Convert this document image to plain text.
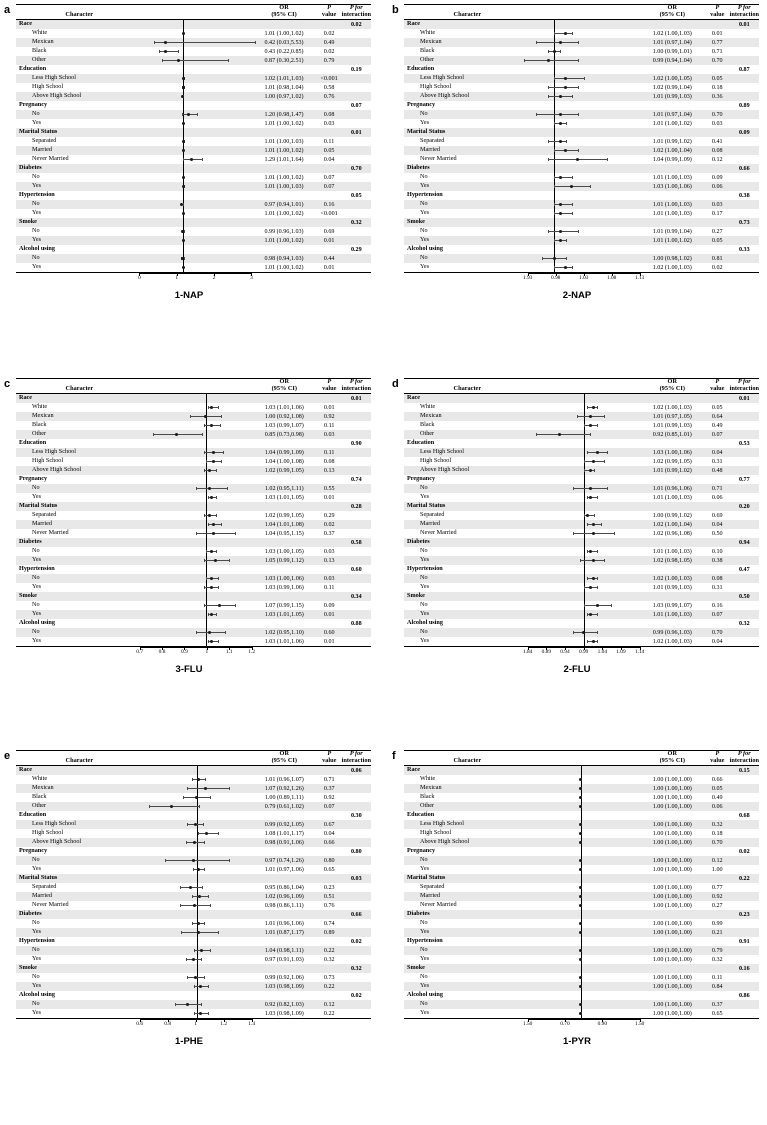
a	Character		OR
(95% CI)	P
value	P for
interaction
Race				0.02
White		1.01 (1.00,1.02)	0.02	
Mexican		0.42 (0.03,5.53)	0.49	
Black		0.43 (0.22,0.85)	0.02	
Other		0.87 (0.30,2.51)	0.79	
Education				0.19
Less High School		1.02 (1.01,1.03)	<0.001	
High School		1.01 (0.98,1.04)	0.58	
Above High School		1.00 (0.97,1.02)	0.76	
Pregnancy				0.07
No		1.20 (0.98,1.47)	0.08	
Yes		1.01 (1.00,1.02)	0.03	
Marital Status				0.01
Separated		1.01 (1.00,1.03)	0.11	
Married		1.01 (1.00,1.02)	0.05	
Never Married		1.29 (1.01,1.64)	0.04	
Diabetes				0.70
No		1.01 (1.00,1.02)	0.07	
Yes		1.01 (1.00,1.03)	0.07	
Hypertension				0.05
No		0.97 (0.94,1.01)	0.16	
Yes		1.01 (1.00,1.02)	<0.001	
Smoke				0.32
No		0.99 (0.96,1.03)	0.69	
Yes		1.01 (1.00,1.02)	0.01	
Alcohol using				0.29
No		0.98 (0.94,1.03)	0.44	
Yes		1.01 (1.00,1.02)	0.01	

	0 1 2 3			

1-NAP
b	Character		OR
(95% CI)	P
value	P for
interaction
Race				0.01
White		1.02 (1.00,1.03)	0.01	
Mexican		1.01 (0.97,1.04)	0.77	
Black		1.00 (0.99,1.01)	0.71	
Other		0.99 (0.94,1.04)	0.70	
Education				0.87
Less High School		1.02 (1.00,1.05)	0.05	
High School		1.02 (0.99,1.04)	0.18	
Above High School		1.01 (0.99,1.03)	0.36	
Pregnancy				0.89
No		1.01 (0.97,1.04)	0.70	
Yes		1.01 (1.00,1.02)	0.03	
Marital Status				0.09
Separated		1.01 (0.99,1.02)	0.41	
Married		1.02 (1.00,1.04)	0.08	
Never Married		1.04 (0.99,1.09)	0.12	
Diabetes				0.66
No		1.01 (1.00,1.03)	0.09	
Yes		1.03 (1.00,1.06)	0.06	
Hypertension				0.38
No		1.01 (1.00,1.03)	0.03	
Yes		1.01 (1.00,1.03)	0.17	
Smoke				0.73
No		1.01 (0.99,1.04)	0.27	
Yes		1.01 (1.00,1.02)	0.05	
Alcohol using				0.33
No		1.00 (0.98,1.02)	0.81	
Yes		1.02 (1.00,1.03)	0.02	

	1.93 0.98 1.03 1.08 1.13			

2-NAP
c	Character		OR
(95% CI)	P
value	P for
interaction
Race				0.01
White		1.03 (1.01,1.06)	0.01	
Mexican		1.00 (0.92,1.08)	0.92	
Black		1.03 (0.99,1.07)	0.11	
Other		0.85 (0.73,0.98)	0.03	
Education				0.90
Less High School		1.04 (0.99,1.09)	0.11	
High School		1.04 (1.00,1.08)	0.08	
Above High School		1.02 (0.99,1.05)	0.13	
Pregnancy				0.74
No		1.02 (0.95,1.11)	0.55	
Yes		1.03 (1.01,1.05)	0.01	
Marital Status				0.28
Separated		1.02 (0.99,1.05)	0.29	
Married		1.04 (1.01,1.08)	0.02	
Never Married		1.04 (0.95,1.15)	0.37	
Diabetes				0.58
No		1.03 (1.00,1.05)	0.03	
Yes		1.05 (0.99,1.12)	0.13	
Hypertension				0.60
No		1.03 (1.00,1.06)	0.03	
Yes		1.03 (0.99,1.06)	0.11	
Smoke				0.34
No		1.07 (0.99,1.15)	0.09	
Yes		1.03 (1.01,1.05)	0.01	
Alcohol using				0.88
No		1.02 (0.95,1.10)	0.60	
Yes		1.03 (1.01,1.06)	0.01	

0.7	0.8	0.9	1	1.1	1.2

3-FLU
d	Character		OR
(95% CI)	P
value	P for
interaction
Race				0.01
White		1.02 (1.00,1.03)	0.05	
Mexican		1.01 (0.97,1.05)	0.64	
Black		1.01 (0.99,1.03)	0.49	
Other		0.92 (0.85,1.01)	0.07	
Education				0.53
Less High School		1.03 (1.00,1.06)	0.04	
High School		1.02 (0.99,1.05)	0.31	
Above High School		1.01 (0.99,1.02)	0.48	
Pregnancy				0.77
No		1.01 (0.96,1.06)	0.71	
Yes		1.01 (1.00,1.03)	0.06	
Marital Status				0.20
Separated		1.00 (0.99,1.02)	0.69	
Married		1.02 (1.00,1.04)	0.04	
Never Married		1.02 (0.96,1.08)	0.50	
Diabetes				0.94
No		1.01 (1.00,1.03)	0.10	
Yes		1.02 (0.98,1.05)	0.38	
Hypertension				0.47
No		1.02 (1.00,1.03)	0.08	
Yes		1.01 (0.99,1.03)	0.31	
Smoke				0.50
No		1.03 (0.99,1.07)	0.16	
Yes		1.01 (1.00,1.03)	0.07	
Alcohol using				0.32
No		0.99 (0.96,1.03)	0.70	
Yes		1.02 (1.00,1.03)	0.04	

1.84 0.89 0.94 0.99 1.04 1.09 1.14

2-FLU
e	Character		OR
(95% CI)	P
value	P for
interaction
Race				0.06
White		1.01 (0.96,1.07)	0.71	
Mexican		1.07 (0.92,1.26)	0.37	
Black		1.00 (0.89,1.11)	0.92	
Other		0.79 (0.61,1.02)	0.07	
Education				0.30
Less High School		0.99 (0.92,1.05)	0.67	
High School		1.08 (1.01,1.17)	0.04	
Above High School		0.98 (0.91,1.06)	0.66	
Pregnancy				0.80
No		0.97 (0.74,1.26)	0.80	
Yes		1.01 (0.97,1.06)	0.65	
Marital Status				0.03
Separated		0.95 (0.86,1.04)	0.23	
Married		1.02 (0.96,1.09)	0.51	
Never Married		0.98 (0.86,1.11)	0.76	
Diabetes				0.66
No		1.01 (0.96,1.06)	0.74	
Yes		1.01 (0.87,1.17)	0.89	
Hypertension				0.02
No		1.04 (0.98,1.11)	0.22	
Yes		0.97 (0.91,1.03)	0.32	
Smoke				0.32
No		0.99 (0.92,1.06)	0.73	
Yes		1.03 (0.98,1.09)	0.22	
Alcohol using				0.02
No		0.92 (0.82,1.03)	0.12	
Yes		1.03 (0.98,1.09)	0.22	

	0.6 0.8 1 1.2 1.4			

1-PHE
f	Character		OR
(95% CI)	P
value	P for
interaction
Race				0.15
White		1.00 (1.00,1.00)	0.66	
Mexican		1.00 (1.00,1.00)	0.05	
Black		1.00 (1.00,1.00)	0.49	
Other		1.00 (1.00,1.00)	0.06	
Education				0.68
Less High School		1.00 (1.00,1.00)	0.32	
High School		1.00 (1.00,1.00)	0.18	
Above High School		1.00 (1.00,1.00)	0.70	
Pregnancy				0.02
No		1.00 (1.00,1.00)	0.12	
Yes		1.00 (1.00,1.00)	1.00	
Marital Status				0.22
Separated		1.00 (1.00,1.00)	0.77	
Married		1.00 (1.00,1.00)	0.92	
Never Married		1.00 (1.00,1.00)	0.27	
Diabetes				0.23
No		1.00 (1.00,1.00)	0.99	
Yes		1.00 (1.00,1.00)	0.21	
Hypertension				0.91
No		1.00 (1.00,1.00)	0.79	
Yes		1.00 (1.00,1.00)	0.32	
Smoke				0.16
No		1.00 (1.00,1.00)	0.11	
Yes		1.00 (1.00,1.00)	0.84	
Alcohol using				0.86
No		1.00 (1.00,1.00)	0.37	
Yes		1.00 (1.00,1.00)	0.65	

	1.50 0.70 0.90 1.50			

1-PYR
